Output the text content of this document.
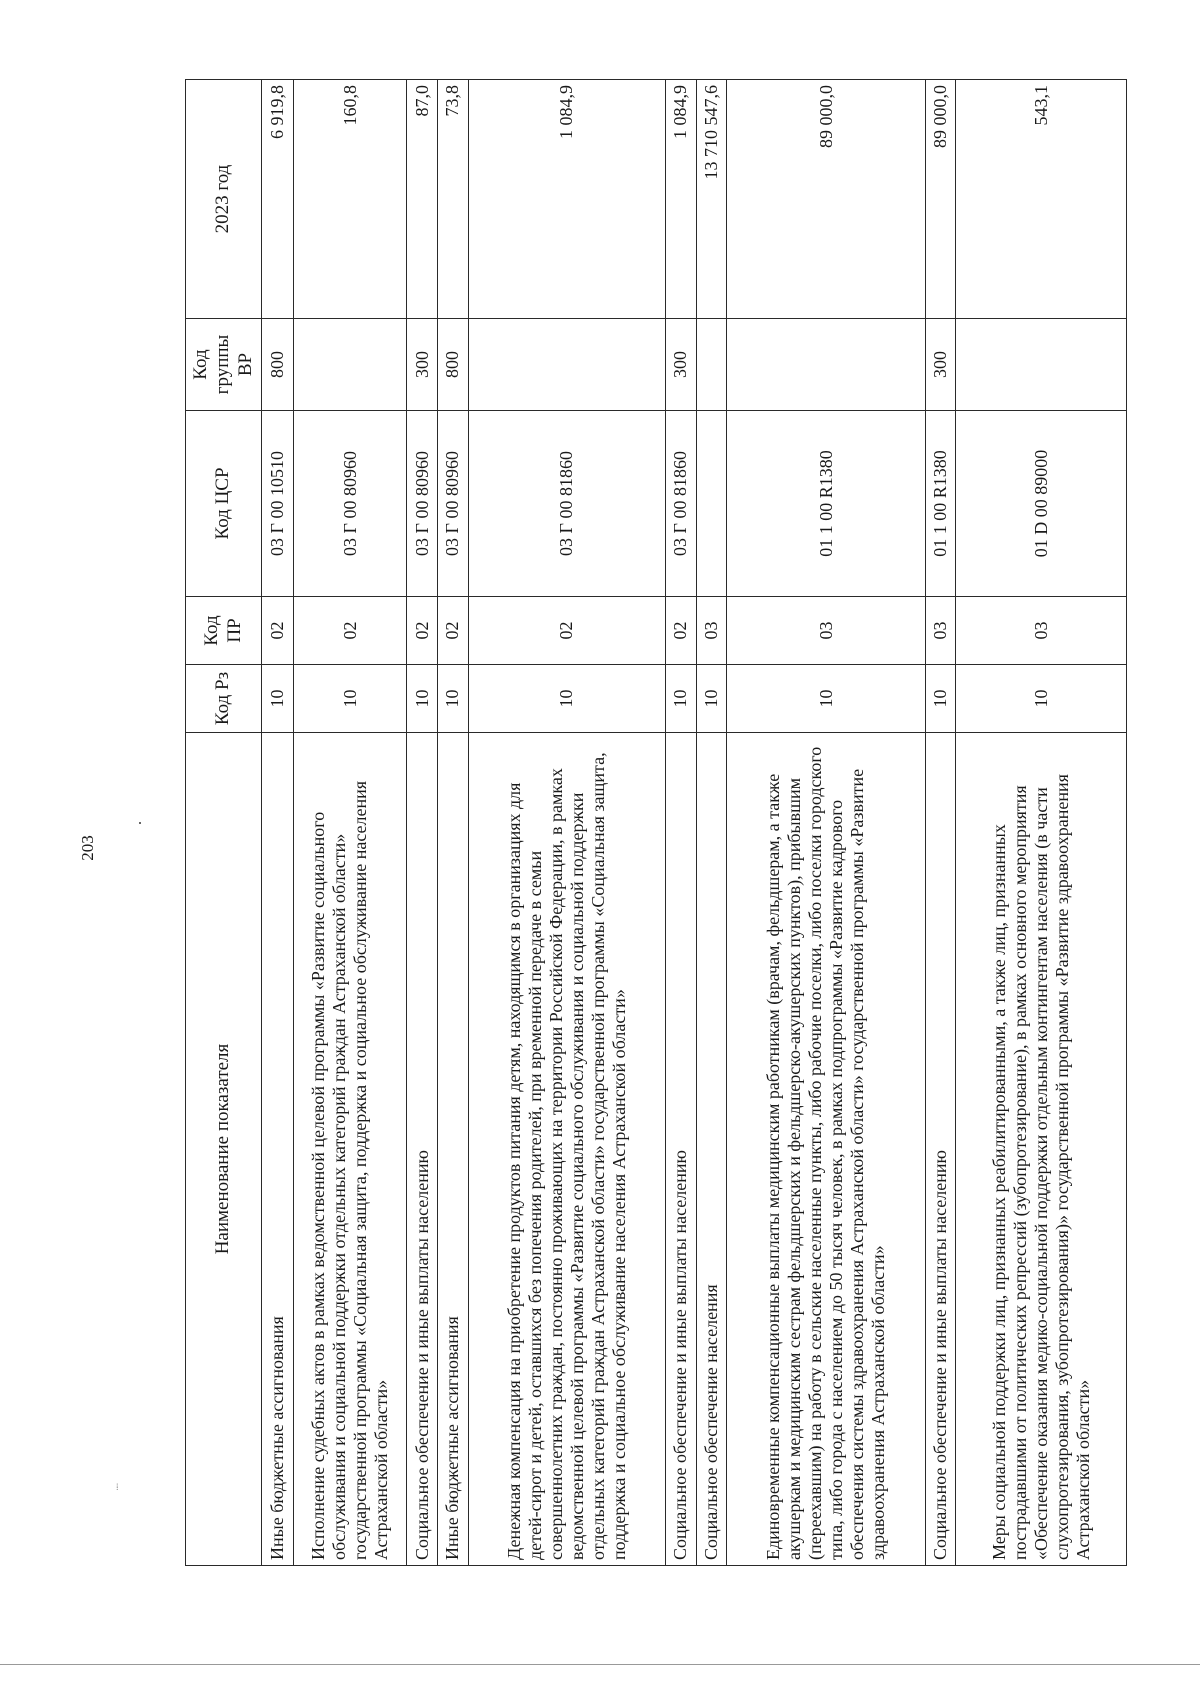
203
⁞
Наименование показателя	Код Рз	Код ПР	Код ЦСР	Код группы ВР	2023 год
Иные бюджетные ассигнования	10	02	03 Г 00 10510	800	6 919,8
Исполнение судебных актов в рамках ведомственной целевой программы «Развитие социального обслуживания и социальной поддержки отдельных категорий граждан Астраханской области» государственной программы «Социальная защита, поддержка и социальное обслуживание населения Астраханской области»	10	02	03 Г 00 80960		160,8
Социальное обеспечение и иные выплаты населению	10	02	03 Г 00 80960	300	87,0
Иные бюджетные ассигнования	10	02	03 Г 00 80960	800	73,8
Денежная компенсация на приобретение продуктов питания детям, находящимся в организациях для детей-сирот и детей, оставшихся без попечения родителей, при временной передаче в семьи совершеннолетних граждан, постоянно проживающих на территории Российской Федерации, в рамках ведомственной целевой программы «Развитие социального обслуживания и социальной поддержки отдельных категорий граждан Астраханской области» государственной программы «Социальная защита, поддержка и социальное обслуживание населения Астраханской области»	10	02	03 Г 00 81860		1 084,9
Социальное обеспечение и иные выплаты населению	10	02	03 Г 00 81860	300	1 084,9
Социальное обеспечение населения	10	03			13 710 547,6
Единовременные компенсационные выплаты медицинским работникам (врачам, фельдшерам, а также акушеркам и медицинским сестрам фельдшерских и фельдшерско-акушерских пунктов), прибывшим (переехавшим) на работу в сельские населенные пункты, либо рабочие поселки, либо поселки городского типа, либо города с населением до 50 тысяч человек, в рамках подпрограммы «Развитие кадрового обеспечения системы здравоохранения Астраханской области» государственной программы «Развитие здравоохранения Астраханской области»	10	03	01 1 00 R1380		89 000,0
Социальное обеспечение и иные выплаты населению	10	03	01 1 00 R1380	300	89 000,0
Меры социальной поддержки лиц, признанных реабилитированными, а также лиц, признанных пострадавшими от политических репрессий (зубопротезирование), в рамках основного мероприятия «Обеспечение оказания медико-социальной поддержки отдельным контингентам населения (в части слухопротезирования, зубопротезирования)» государственной программы «Развитие здравоохранения Астраханской области»	10	03	01 D 00 89000		543,1
